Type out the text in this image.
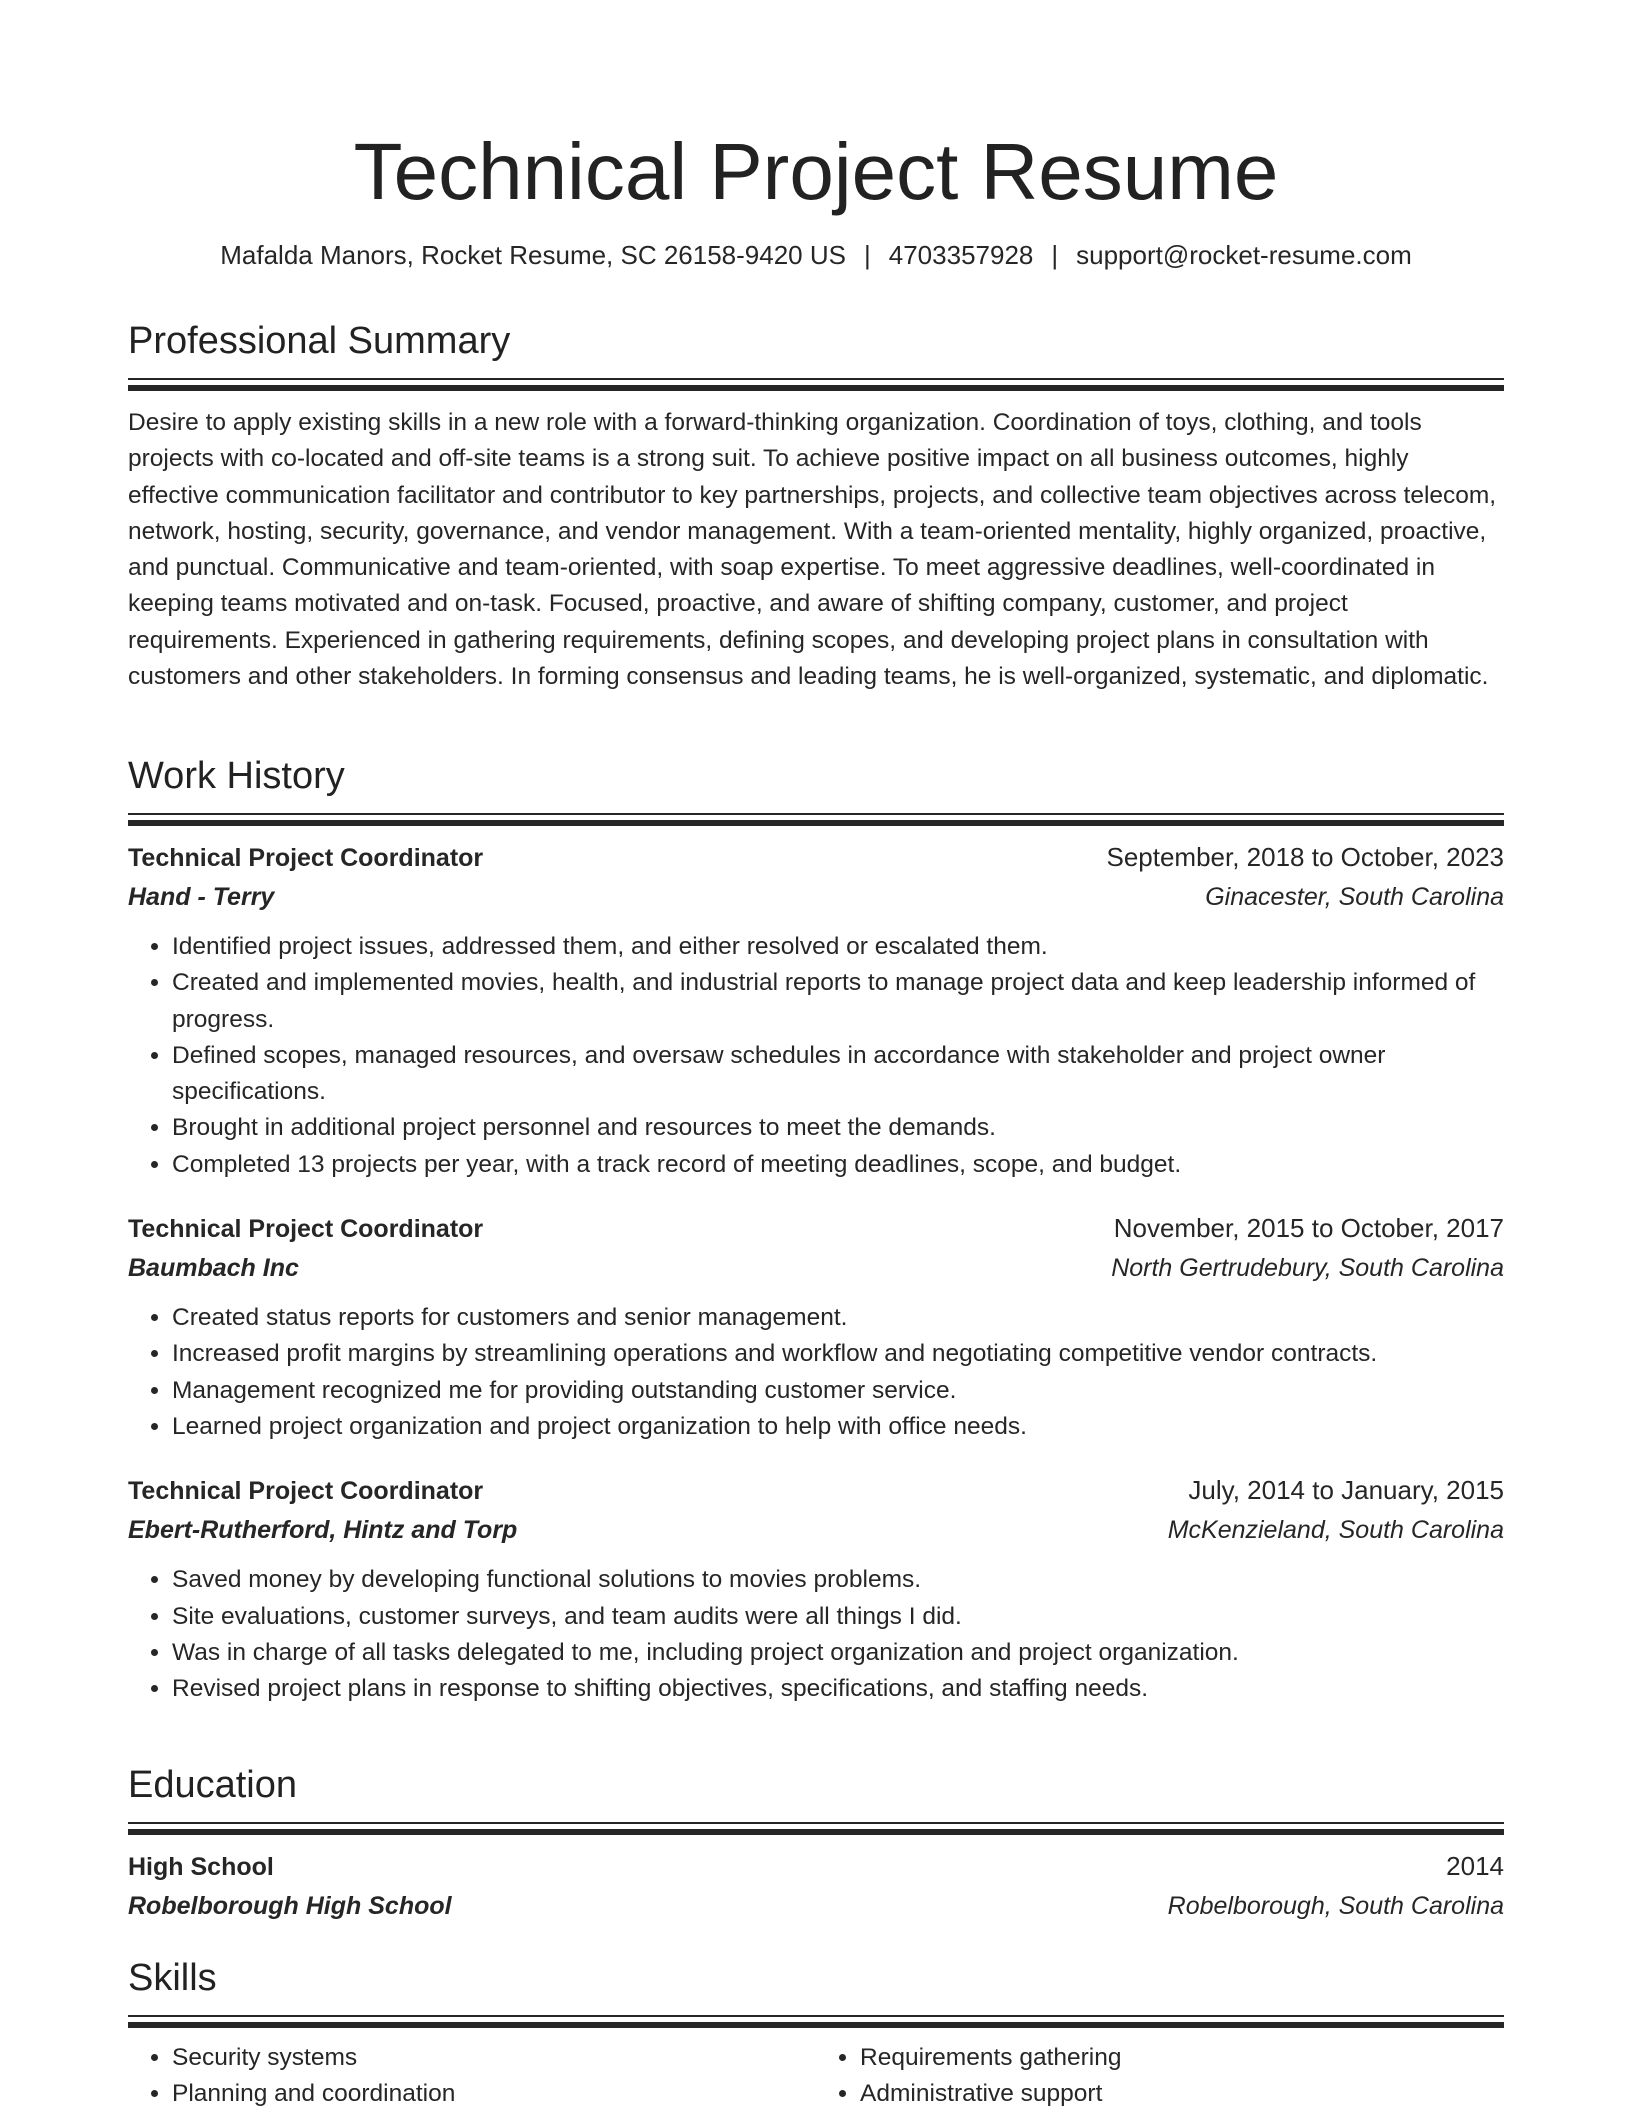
Technical Project Resume
Mafalda Manors, Rocket Resume, SC 26158-9420 US | 4703357928 | support@rocket-resume.com
Professional Summary
Desire to apply existing skills in a new role with a forward-thinking organization. Coordination of toys, clothing, and tools projects with co-located and off-site teams is a strong suit. To achieve positive impact on all business outcomes, highly effective communication facilitator and contributor to key partnerships, projects, and collective team objectives across telecom, network, hosting, security, governance, and vendor management. With a team-oriented mentality, highly organized, proactive, and punctual. Communicative and team-oriented, with soap expertise. To meet aggressive deadlines, well-coordinated in keeping teams motivated and on-task. Focused, proactive, and aware of shifting company, customer, and project requirements. Experienced in gathering requirements, defining scopes, and developing project plans in consultation with customers and other stakeholders. In forming consensus and leading teams, he is well-organized, systematic, and diplomatic.
Work History
Technical Project Coordinator	September, 2018 to October, 2023
Hand - Terry	Ginacester, South Carolina
• Identified project issues, addressed them, and either resolved or escalated them.
• Created and implemented movies, health, and industrial reports to manage project data and keep leadership informed of progress.
• Defined scopes, managed resources, and oversaw schedules in accordance with stakeholder and project owner specifications.
• Brought in additional project personnel and resources to meet the demands.
• Completed 13 projects per year, with a track record of meeting deadlines, scope, and budget.
Technical Project Coordinator	November, 2015 to October, 2017
Baumbach Inc	North Gertrudebury, South Carolina
• Created status reports for customers and senior management.
• Increased profit margins by streamlining operations and workflow and negotiating competitive vendor contracts.
• Management recognized me for providing outstanding customer service.
• Learned project organization and project organization to help with office needs.
Technical Project Coordinator	July, 2014 to January, 2015
Ebert-Rutherford, Hintz and Torp	McKenzieland, South Carolina
• Saved money by developing functional solutions to movies problems.
• Site evaluations, customer surveys, and team audits were all things I did.
• Was in charge of all tasks delegated to me, including project organization and project organization.
• Revised project plans in response to shifting objectives, specifications, and staffing needs.
Education
High School	2014
Robelborough High School	Robelborough, South Carolina
Skills
• Security systems
• Planning and coordination
• Requirements gathering
• Administrative support
